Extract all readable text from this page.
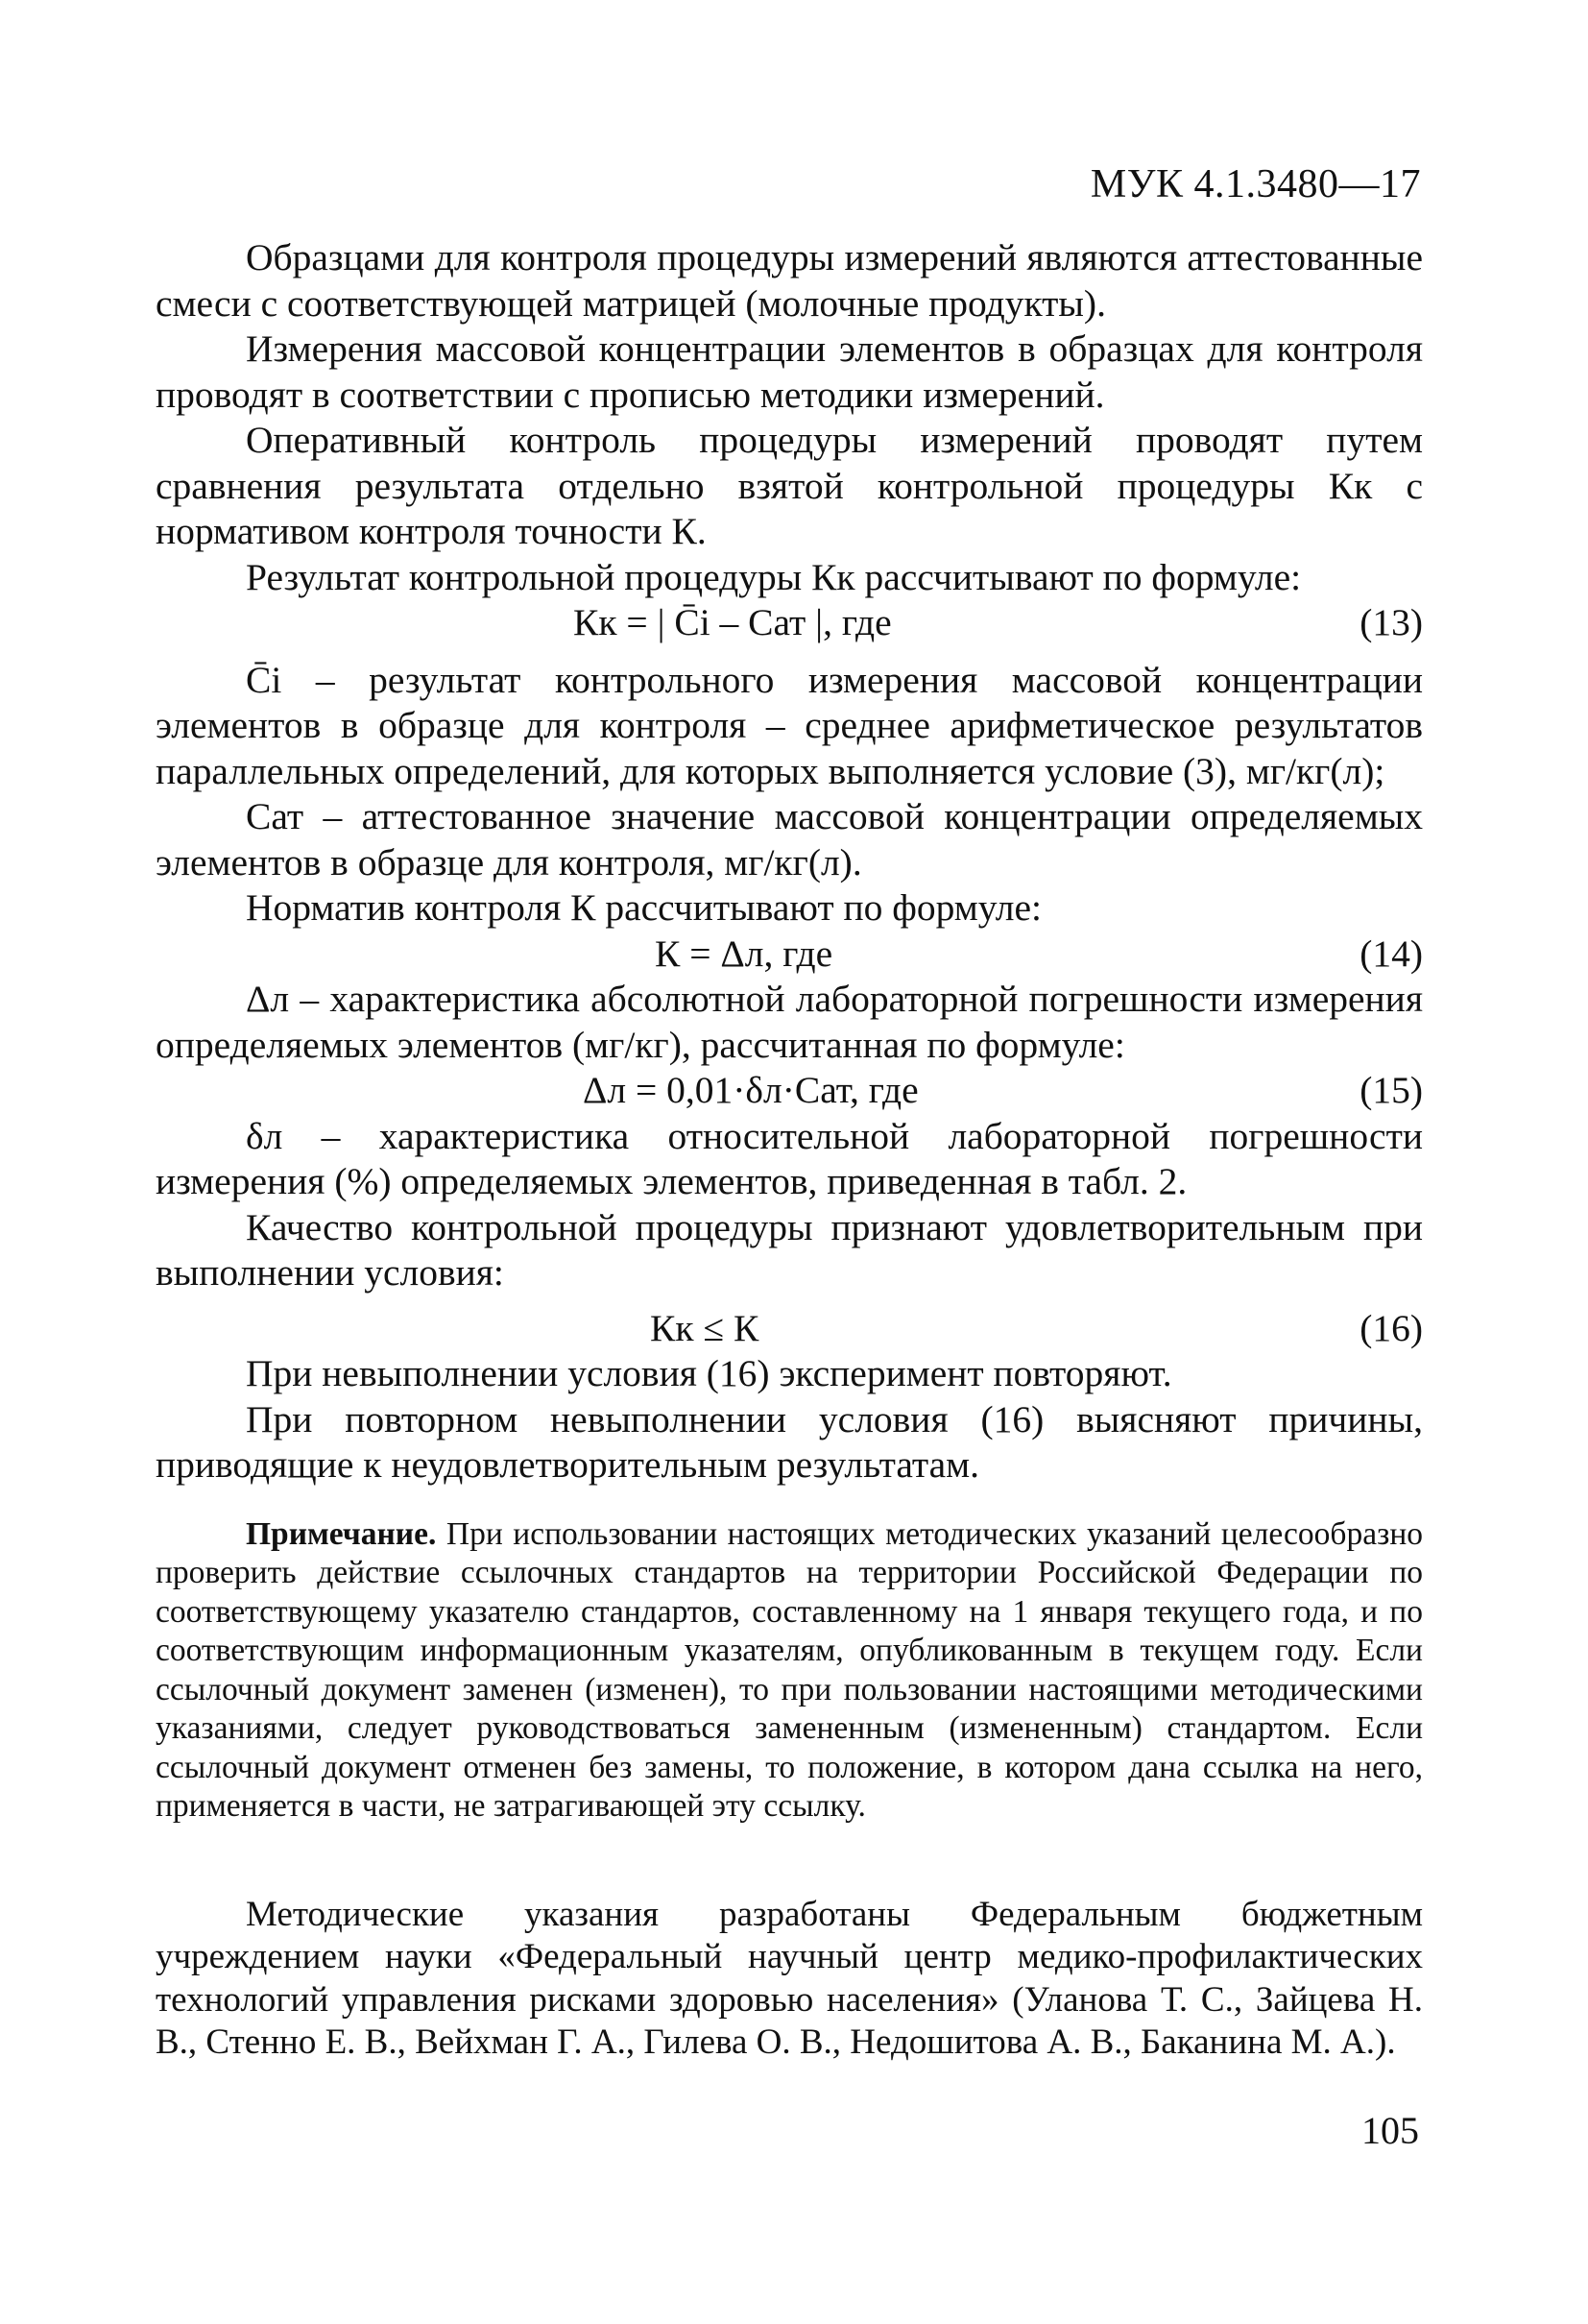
МУК 4.1.3480—17

Образцами для контроля процедуры измерений являются аттестованные смеси с соответствующей матрицей (молочные продукты).

Измерения массовой концентрации элементов в образцах для контроля проводят в соответствии с прописью методики измерений.

Оперативный контроль процедуры измерений проводят путем сравнения результата отдельно взятой контрольной процедуры Кк с нормативом контроля точности К.

Результат контрольной процедуры Кк рассчитывают по формуле:

Кк = | C̄i – Cат |, где	(13)

C̄i – результат контрольного измерения массовой концентрации элементов в образце для контроля – среднее арифметическое результатов параллельных определений, для которых выполняется условие (3), мг/кг(л);

Cат – аттестованное значение массовой концентрации определяемых элементов в образце для контроля, мг/кг(л).

Норматив контроля К рассчитывают по формуле:

К = Δл, где	(14)

Δл – характеристика абсолютной лабораторной погрешности измерения определяемых элементов (мг/кг), рассчитанная по формуле:

Δл = 0,01·δл·Cат, где	(15)

δл – характеристика относительной лабораторной погрешности измерения (%) определяемых элементов, приведенная в табл. 2.

Качество контрольной процедуры признают удовлетворительным при выполнении условия:

Кк ≤ К	(16)

При невыполнении условия (16) эксперимент повторяют.

При повторном невыполнении условия (16) выясняют причины, приводящие к неудовлетворительным результатам.

Примечание. При использовании настоящих методических указаний целесообразно проверить действие ссылочных стандартов на территории Российской Федерации по соответствующему указателю стандартов, составленному на 1 января текущего года, и по соответствующим информационным указателям, опубликованным в текущем году. Если ссылочный документ заменен (изменен), то при пользовании настоящими методическими указаниями, следует руководствоваться замененным (измененным) стандартом. Если ссылочный документ отменен без замены, то положение, в котором дана ссылка на него, применяется в части, не затрагивающей эту ссылку.

Методические указания разработаны Федеральным бюджетным учреждением науки «Федеральный научный центр медико-профилактических технологий управления рисками здоровью населения» (Уланова Т. С., Зайцева Н. В., Стенно Е. В., Вейхман Г. А., Гилева О. В., Недошитова А. В., Баканина М. А.).

105
